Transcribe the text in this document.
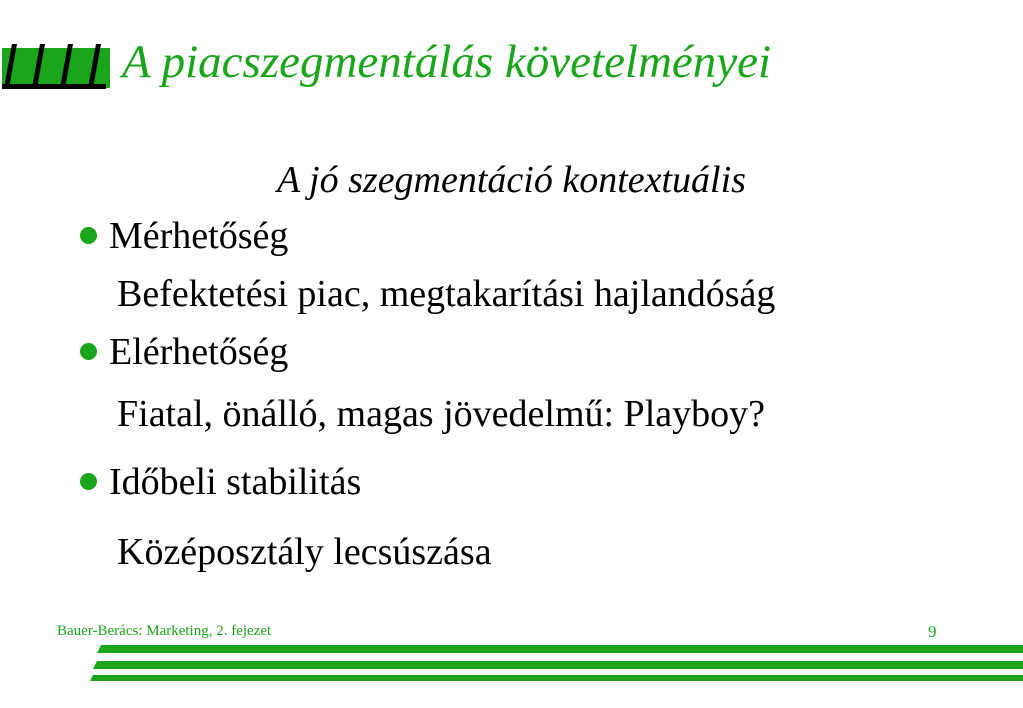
A piacszegmentálás követelményei
A jó szegmentáció kontextuális
Mérhetőség
Befektetési piac, megtakarítási hajlandóság
Elérhetőség
Fiatal, önálló, magas jövedelmű: Playboy?
Időbeli stabilitás
Középosztály lecsúszása
Bauer-Berács: Marketing, 2. fejezet	9
